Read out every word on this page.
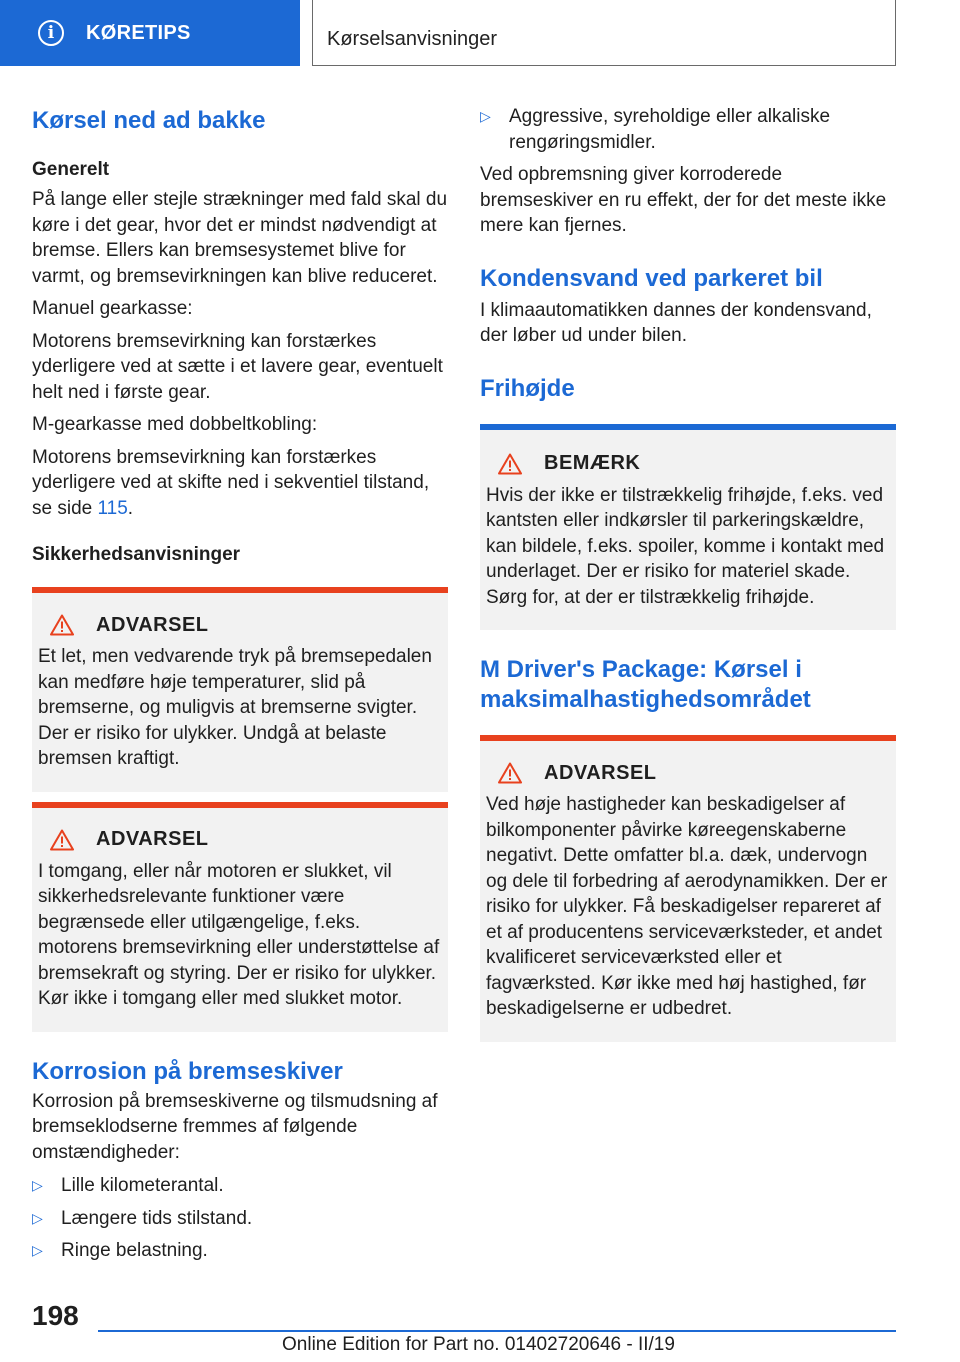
i	KØRETIPS	Kørselsanvisninger
Kørsel ned ad bakke
Generelt

På lange eller stejle strækninger med fald skal du køre i det gear, hvor det er mindst nødvendigt at bremse. Ellers kan bremsesystemet blive for varmt, og bremsevirkningen kan blive reduceret.

Manuel gearkasse:

Motorens bremsevirkning kan forstærkes yderligere ved at sætte i et lavere gear, eventuelt helt ned i første gear.

M-gearkasse med dobbeltkobling:

Motorens bremsevirkning kan forstærkes yderligere ved at skifte ned i sekventiel tilstand, se side 115.

Sikkerhedsanvisninger
ADVARSEL

Et let, men vedvarende tryk på bremsepedalen kan medføre høje temperaturer, slid på bremserne, og muligvis at bremserne svigter. Der er risiko for ulykker. Undgå at belaste bremsen kraftigt.

ADVARSEL

I tomgang, eller når motoren er slukket, vil sikkerhedsrelevante funktioner være begrænsede eller utilgængelige, f.eks. motorens bremsevirkning eller understøttelse af bremsekraft og styring. Der er risiko for ulykker. Kør ikke i tomgang eller med slukket motor.

Korrosion på bremseskiver

Korrosion på bremseskiverne og tilsmudsning af bremseklodserne fremmes af følgende omstændigheder:

▷ Lille kilometerantal.
▷ Længere tids stilstand.
▷ Ringe belastning.
▷ Aggressive, syreholdige eller alkaliske rengøringsmidler.

Ved opbremsning giver korroderede bremseskiver en ru effekt, der for det meste ikke mere kan fjernes.

Kondensvand ved parkeret bil

I klimaautomatikken dannes der kondensvand, der løber ud under bilen.

Frihøjde
BEMÆRK

Hvis der ikke er tilstrækkelig frihøjde, f.eks. ved kantsten eller indkørsler til parkeringskældre, kan bildele, f.eks. spoiler, komme i kontakt med underlaget. Der er risiko for materiel skade. Sørg for, at der er tilstrækkelig frihøjde.

M Driver's Package: Kørsel i maksimalhastighedsområdet
ADVARSEL

Ved høje hastigheder kan beskadigelser af bilkomponenter påvirke køreegenskaberne negativt. Dette omfatter bl.a. dæk, undervogn og dele til forbedring af aerodynamikken. Der er risiko for ulykker. Få beskadigelser repareret af et af producentens serviceværksteder, et andet kvalificeret serviceværksted eller et fagværksted. Kør ikke med høj hastighed, før beskadigelserne er udbedret.

198
Online Edition for Part no. 01402720646 - II/19
